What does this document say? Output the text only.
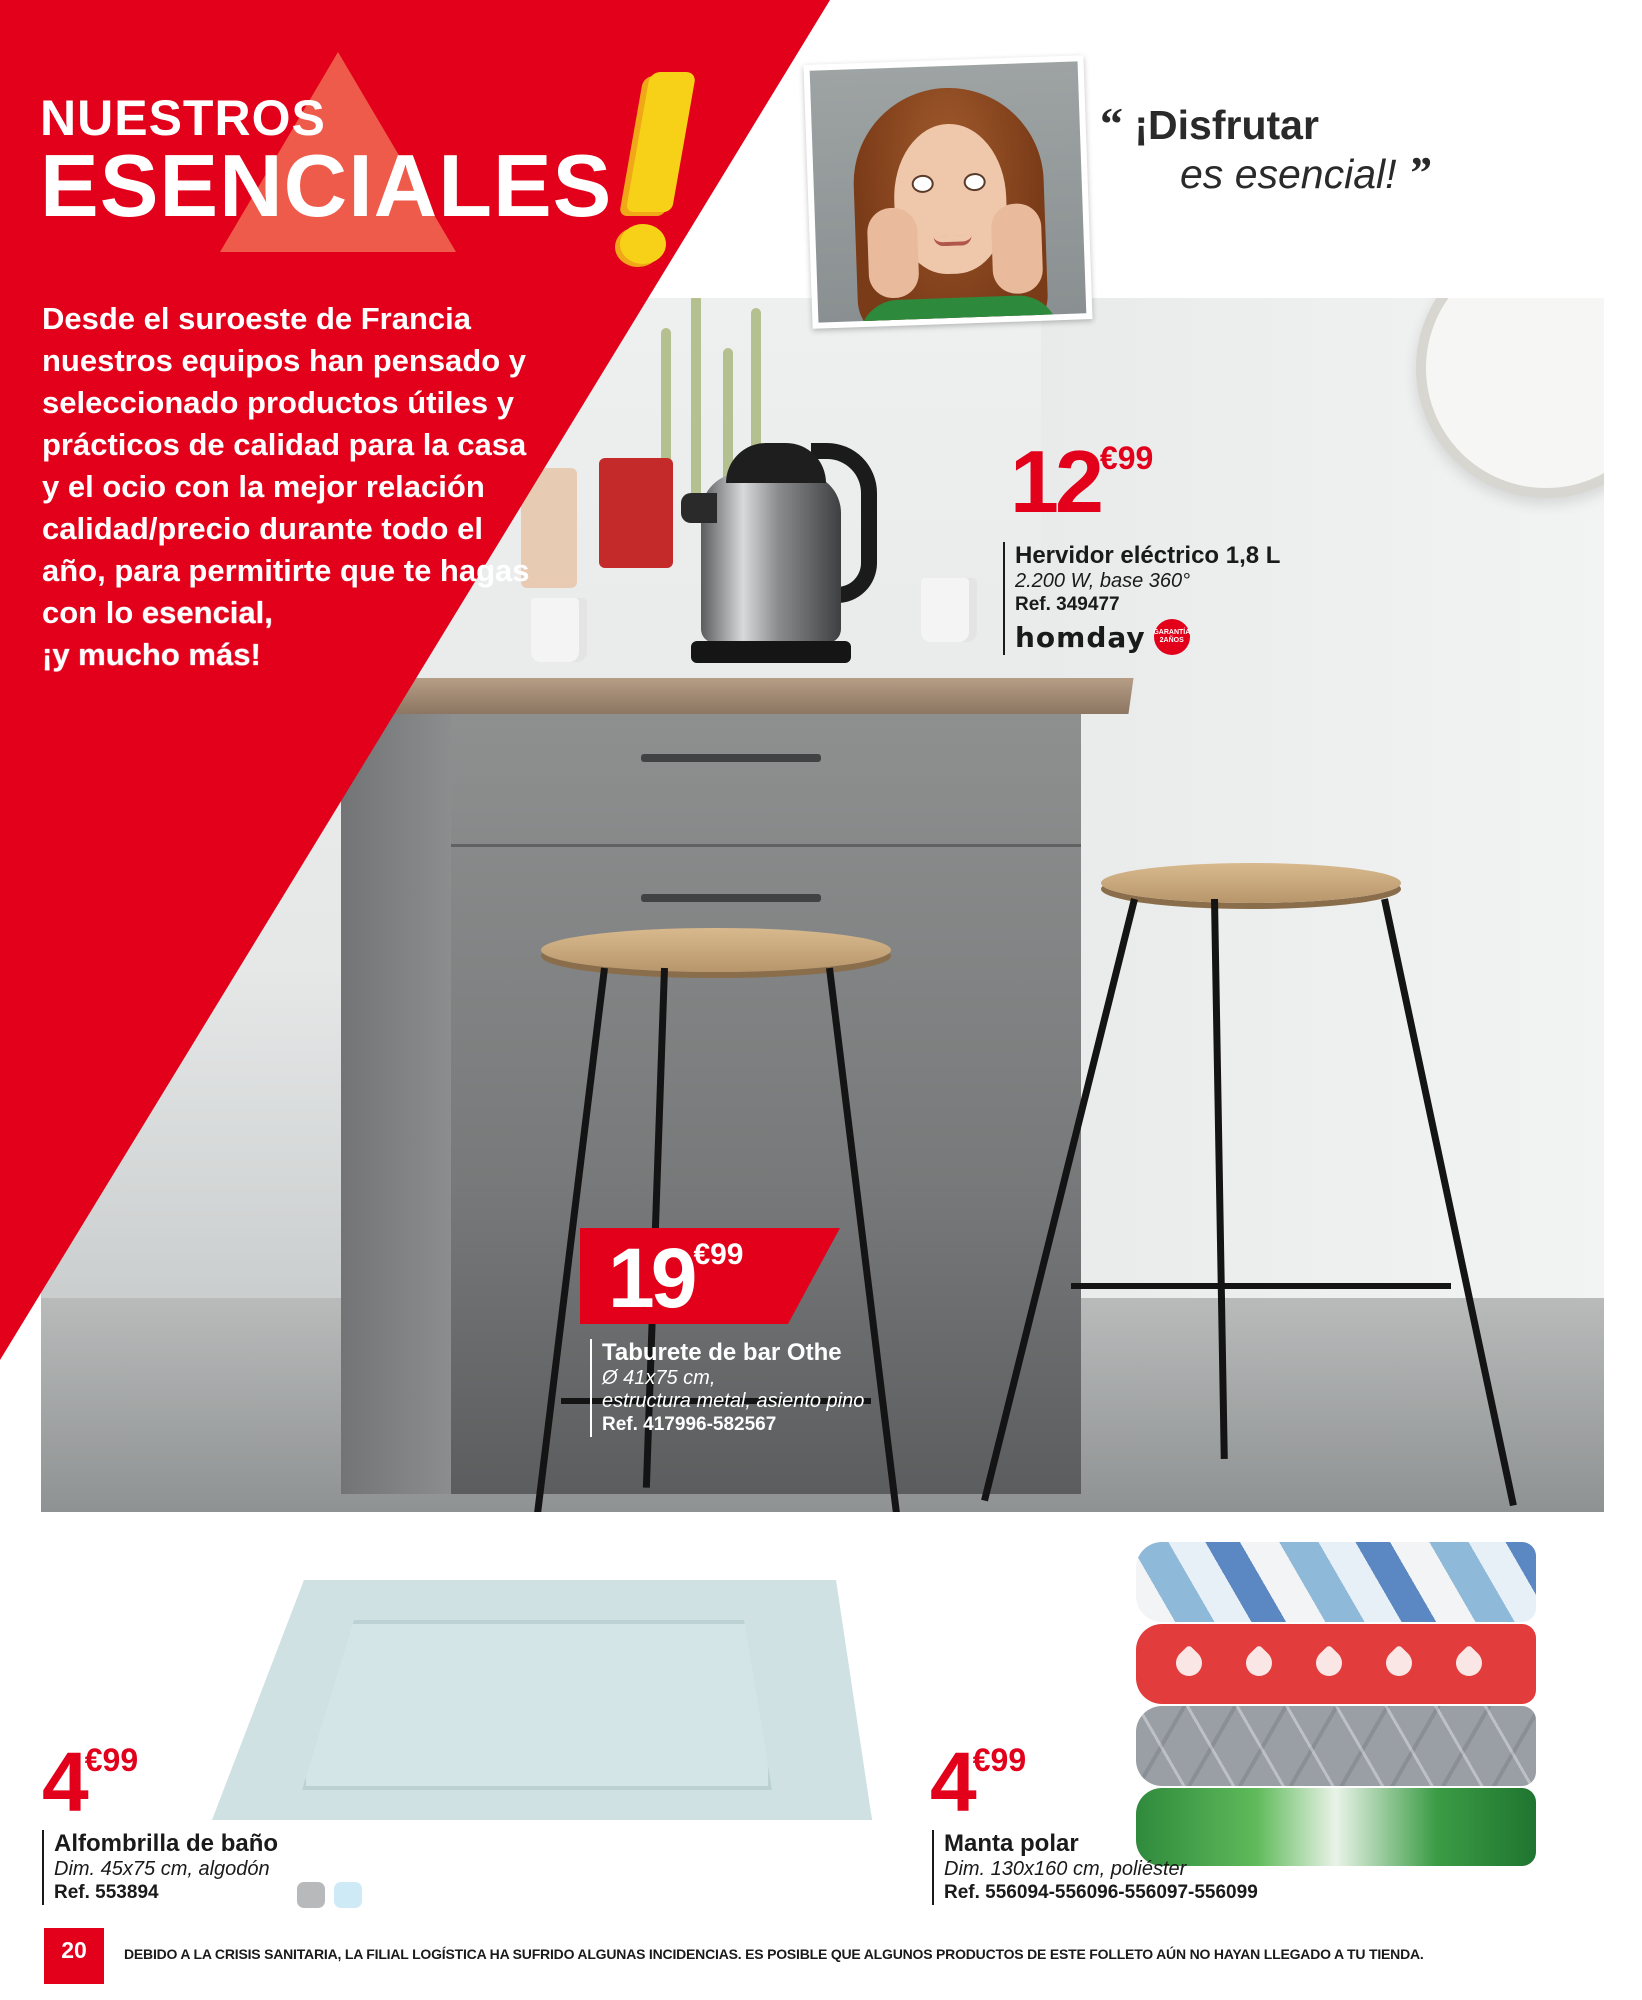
NUESTROS
ESENCIALES

Desde el suroeste de Francia nuestros equipos han pensado y seleccionado productos útiles y prácticos de calidad para la casa y el ocio con la mejor relación calidad/precio durante todo el año, para permitirte que te hagas con lo esencial,
¡y mucho más!

“ ¡Disfrutar
es esencial! ”
12€99
Hervidor eléctrico 1,8 L
2.200 W, base 360°
Ref. 349477
homday GARANTÍA 2AÑOS
19€99
Taburete de bar Othe
Ø 41x75 cm,
estructura metal, asiento pino
Ref. 417996-582567
4€99
Alfombrilla de baño
Dim. 45x75 cm, algodón
Ref. 553894
4€99
Manta polar
Dim. 130x160 cm, poliéster
Ref. 556094-556096-556097-556099
20	DEBIDO A LA CRISIS SANITARIA, LA FILIAL LOGÍSTICA HA SUFRIDO ALGUNAS INCIDENCIAS. ES POSIBLE QUE ALGUNOS PRODUCTOS DE ESTE FOLLETO AÚN NO HAYAN LLEGADO A TU TIENDA.
